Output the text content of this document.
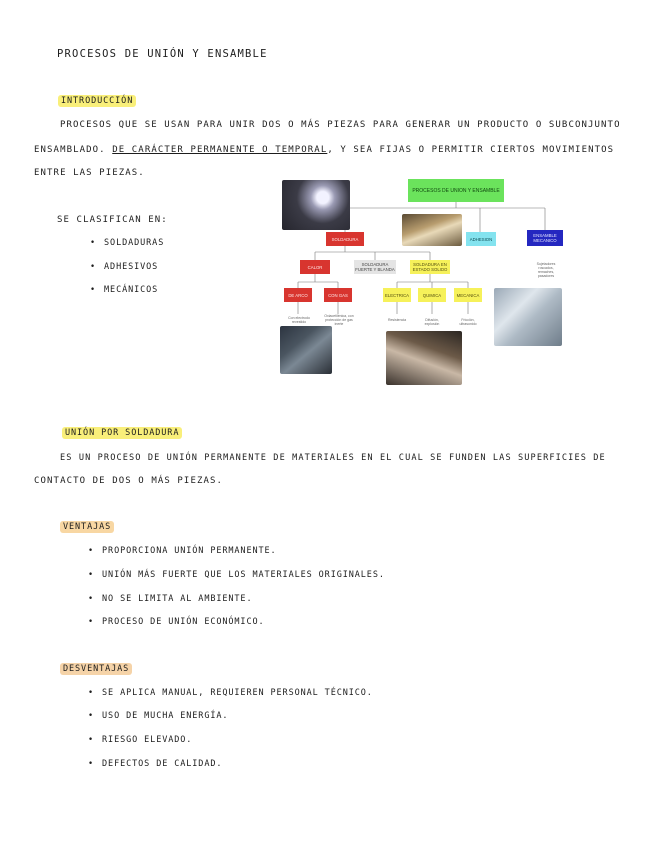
PROCESOS DE UNIÓN Y ENSAMBLE
INTRODUCCIÓN
PROCESOS QUE SE USAN PARA UNIR DOS O MÁS PIEZAS PARA GENERAR UN PRODUCTO O SUBCONJUNTO
ENSAMBLADO. DE CARÁCTER PERMANENTE O TEMPORAL, Y SEA FIJAS O PERMITIR CIERTOS MOVIMIENTOS
ENTRE LAS PIEZAS.
SE CLASIFICAN EN:
• SOLDADURAS
• ADHESIVOS
• MECÁNICOS
PROCESOS DE UNION Y ENSAMBLE
SOLDADURA	ADHESION
ENSAMBLE MECANICO
Sujetadores roscados, remaches, pasadores
CALOR	SOLDADURA FUERTE Y BLANDA
SOLDADURA EN ESTADO SOLIDO
DE ARCO	CON GAS	ELECTRICA	QUIMICA	MECANICA
Con electrodo revestido
Oxiacetilénica, con protección de gas inerte
Resistencia	Difusión, explosión
Fricción, ultrasonido
UNIÓN POR SOLDADURA
ES UN PROCESO DE UNIÓN PERMANENTE DE MATERIALES EN EL CUAL SE FUNDEN LAS SUPERFICIES DE
CONTACTO DE DOS O MÁS PIEZAS.
VENTAJAS
• PROPORCIONA UNIÓN PERMANENTE.
• UNIÓN MÁS FUERTE QUE LOS MATERIALES ORIGINALES.
• NO SE LIMITA AL AMBIENTE.
• PROCESO DE UNIÓN ECONÓMICO.
DESVENTAJAS
• SE APLICA MANUAL, REQUIEREN PERSONAL TÉCNICO.
• USO DE MUCHA ENERGÍA.
• RIESGO ELEVADO.
• DEFECTOS DE CALIDAD.
